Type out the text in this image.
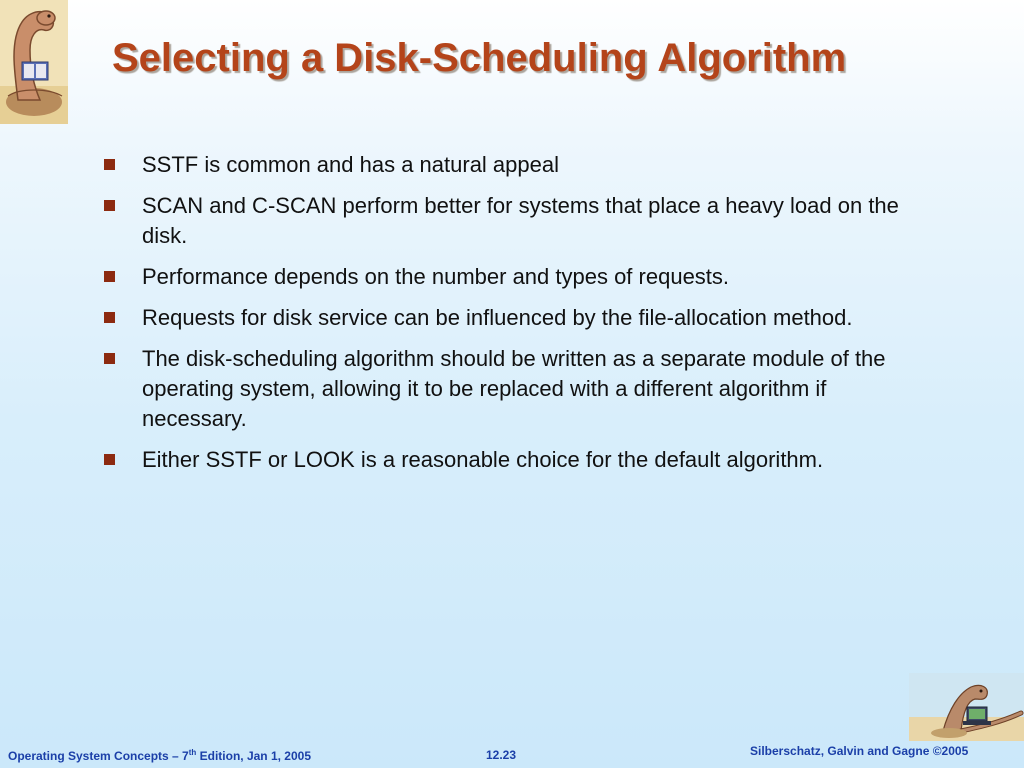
Selecting a Disk-Scheduling Algorithm
SSTF is common and has a natural appeal
SCAN and C-SCAN perform better for systems that place a heavy load on the disk.
Performance depends on the number and types of requests.
Requests for disk service can be influenced by the file-allocation method.
The disk-scheduling algorithm should be written as a separate module of the operating system, allowing it to be replaced with a different algorithm if necessary.
Either SSTF or LOOK is a reasonable choice for the default algorithm.
Operating System Concepts – 7th Edition, Jan 1, 2005	12.23	Silberschatz, Galvin and Gagne ©2005
